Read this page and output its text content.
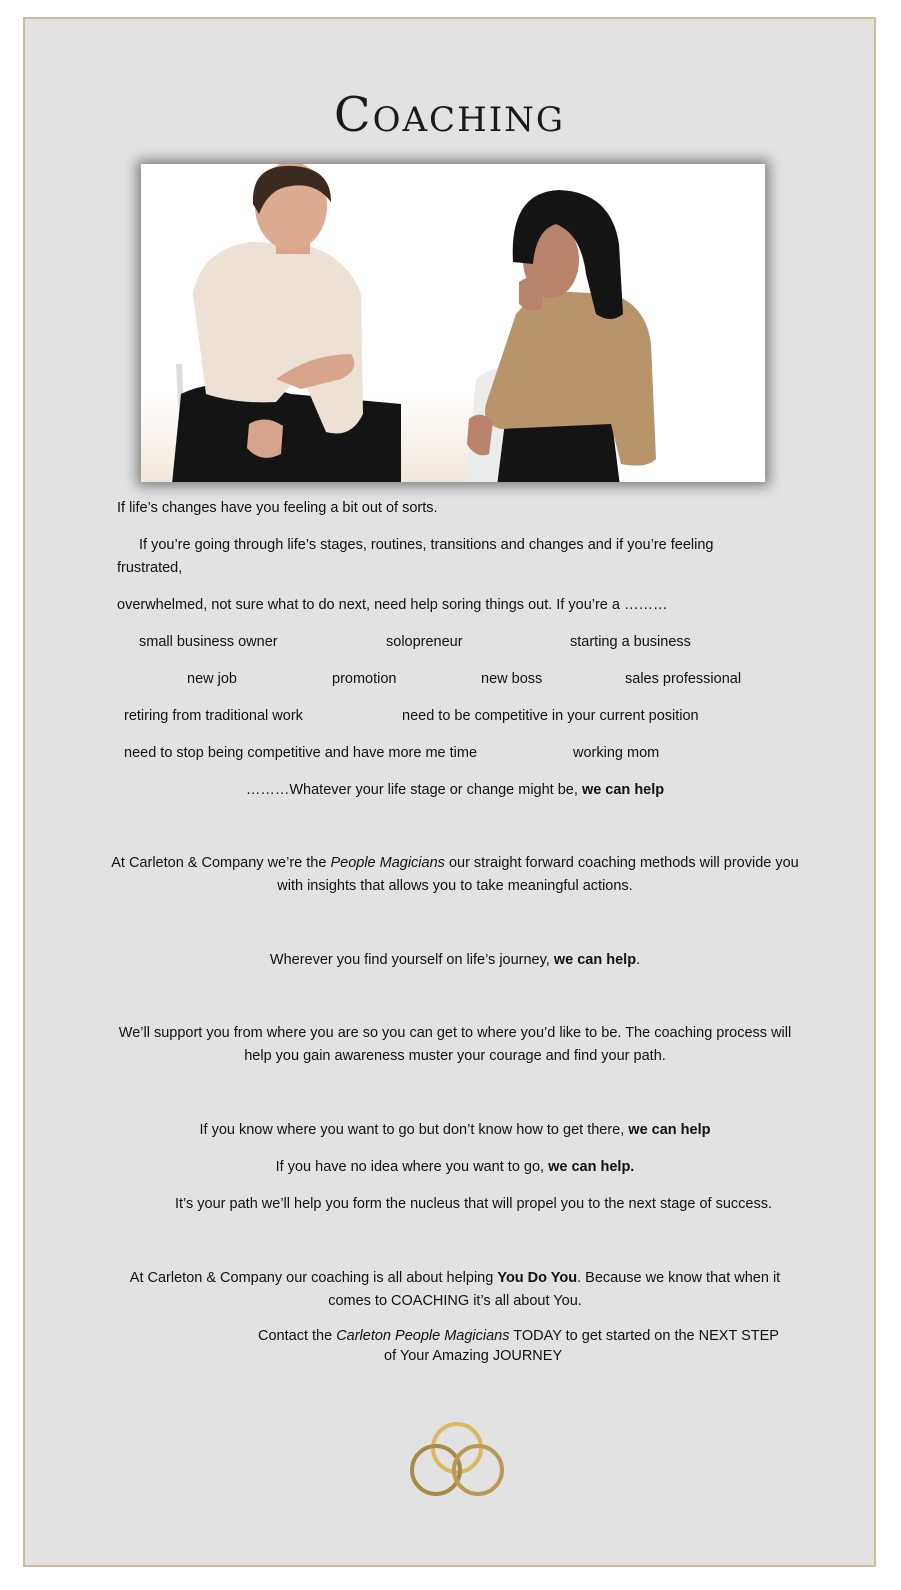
Coaching
If life’s changes have you feeling a bit out of sorts.
If you’re going through life’s stages, routines, transitions and changes and if you’re feeling
frustrated,
overwhelmed, not sure what to do next, need help soring things out. If you’re a ………
small business owner	solopreneur	starting a business
new job	promotion	new boss	sales professional
retiring from traditional work	need to be competitive in your current position
need to stop being competitive and have more me time	working mom
………Whatever your life stage or change might be, we can help
At Carleton & Company we’re the People Magicians our straight forward coaching methods will provide you with insights that allows you to take meaningful actions.
Wherever you find yourself on life’s journey, we can help.
We’ll support you from where you are so you can get to where you’d like to be. The coaching process will help you gain awareness muster your courage and find your path.
If you know where you want to go but don’t know how to get there, we can help
If you have no idea where you want to go, we can help.
It’s your path we’ll help you form the nucleus that will propel you to the next stage of success.
At Carleton & Company our coaching is all about helping You Do You. Because we know that when it comes to COACHING it’s all about You.
Contact the Carleton People Magicians TODAY to get started on the NEXT STEP
of Your Amazing JOURNEY
